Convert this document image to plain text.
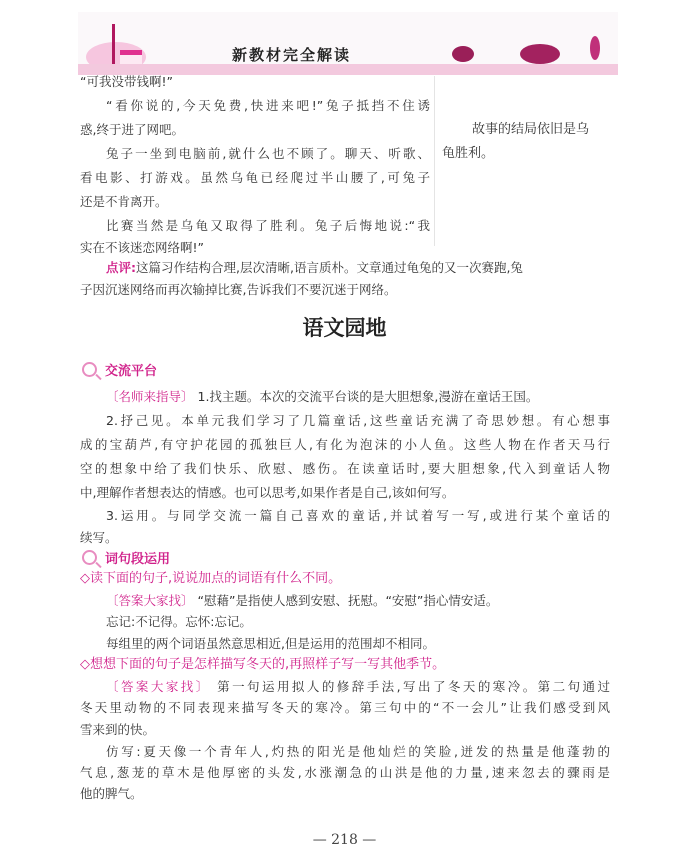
新教材完全解读
“可我没带钱啊!”
“看你说的,今天免费,快进来吧!”兔子抵挡不住诱
惑,终于进了网吧。
兔子一坐到电脑前,就什么也不顾了。聊天、听歌、
看电影、打游戏。虽然乌龟已经爬过半山腰了,可兔子
还是不肯离开。
比赛当然是乌龟又取得了胜利。兔子后悔地说:“我
实在不该迷恋网络啊!”
故事的结局依旧是乌
龟胜利。
点评:这篇习作结构合理,层次清晰,语言质朴。文章通过龟兔的又一次赛跑,兔
子因沉迷网络而再次输掉比赛,告诉我们不要沉迷于网络。
语文园地
交流平台
〔名师来指导〕 1.找主题。本次的交流平台谈的是大胆想象,漫游在童话王国。
2.抒己见。本单元我们学习了几篇童话,这些童话充满了奇思妙想。有心想事
成的宝葫芦,有守护花园的孤独巨人,有化为泡沫的小人鱼。这些人物在作者天马行
空的想象中给了我们快乐、欣慰、感伤。在读童话时,要大胆想象,代入到童话人物
中,理解作者想表达的情感。也可以思考,如果作者是自己,该如何写。
3.运用。与同学交流一篇自己喜欢的童话,并试着写一写,或进行某个童话的
续写。
词句段运用
◇读下面的句子,说说加点的词语有什么不同。
〔答案大家找〕 “慰藉”是指使人感到安慰、抚慰。“安慰”指心情安适。
忘记:不记得。忘怀:忘记。
每组里的两个词语虽然意思相近,但是运用的范围却不相同。
◇想想下面的句子是怎样描写冬天的,再照样子写一写其他季节。
〔答案大家找〕 第一句运用拟人的修辞手法,写出了冬天的寒冷。第二句通过
冬天里动物的不同表现来描写冬天的寒冷。第三句中的“不一会儿”让我们感受到风
雪来到的快。
仿写:夏天像一个青年人,灼热的阳光是他灿烂的笑脸,迸发的热量是他蓬勃的
气息,葱茏的草木是他厚密的头发,水涨潮急的山洪是他的力量,速来忽去的骤雨是
他的脾气。
— 218 —
